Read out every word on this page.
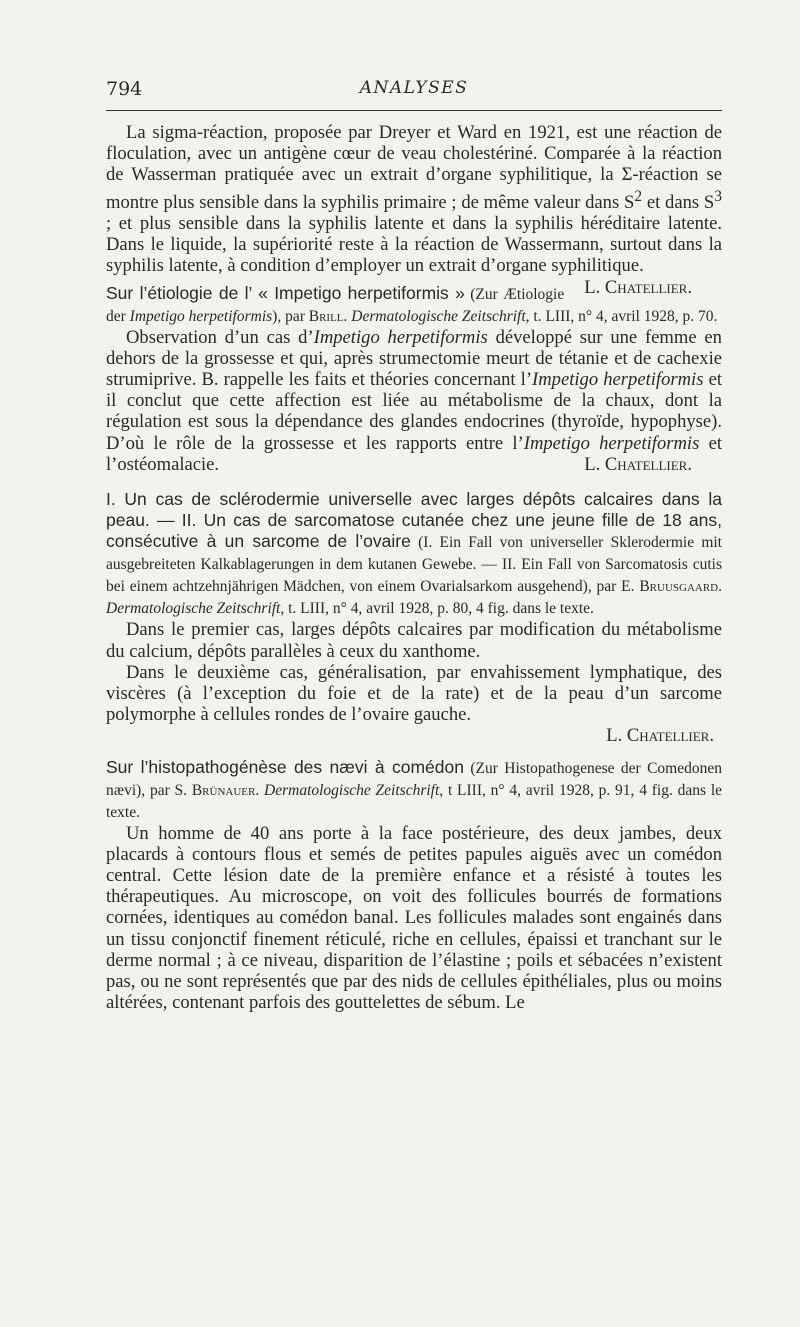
794	ANALYSES

La sigma-réaction, proposée par Dreyer et Ward en 1921, est une réaction de floculation, avec un antigène cœur de veau cholestériné. Comparée à la réaction de Wasserman pratiquée avec un extrait d’organe syphilitique, la Σ-réaction se montre plus sensible dans la syphilis primaire ; de même valeur dans $S^2$ et dans $S^3$ ; et plus sensible dans la syphilis latente et dans la syphilis héréditaire latente. Dans le liquide, la supériorité reste à la réaction de Wassermann, surtout dans la syphilis latente, à condition d’employer un extrait d’organe syphilitique.
L. Chatellier.

Sur l’étiologie de l’ « Impetigo herpetiformis » (Zur Ætiologie der Impetigo herpetiformis), par Brill. Dermatologische Zeitschrift, t. LIII, n° 4, avril 1928, p. 70.

Observation d’un cas d’Impetigo herpetiformis développé sur une femme en dehors de la grossesse et qui, après strumectomie meurt de tétanie et de cachexie strumiprive. B. rappelle les faits et théories concernant l’Impetigo herpetiformis et il conclut que cette affection est liée au métabolisme de la chaux, dont la régulation est sous la dépendance des glandes endocrines (thyroïde, hypophyse). D’où le rôle de la grossesse et les rapports entre l’Impetigo herpetiformis et l’ostéomalacie.	L. Chatellier.

I. Un cas de sclérodermie universelle avec larges dépôts calcaires dans la peau. — II. Un cas de sarcomatose cutanée chez une jeune fille de 18 ans, consécutive à un sarcome de l’ovaire (I. Ein Fall von universeller Sklerodermie mit ausgebreiteten Kalkablagerungen in dem kutanen Gewebe. — II. Ein Fall von Sarcomatosis cutis bei einem achtzehnjährigen Mädchen, von einem Ovarialsarkom ausgehend), par E. Bruusgaard. Dermatologische Zeitschrift, t. LIII, n° 4, avril 1928, p. 80, 4 fig. dans le texte.

Dans le premier cas, larges dépôts calcaires par modification du métabolisme du calcium, dépôts parallèles à ceux du xanthome.

Dans le deuxième cas, généralisation, par envahissement lymphatique, des viscères (à l’exception du foie et de la rate) et de la peau d’un sarcome polymorphe à cellules rondes de l’ovaire gauche.

L. Chatellier.

Sur l’histopathogénèse des nævi à comédon (Zur Histopathogenese der Comedonen nævi), par S. Brünauer. Dermatologische Zeitschrift, t LIII, n° 4, avril 1928, p. 91, 4 fig. dans le texte.

Un homme de 40 ans porte à la face postérieure, des deux jambes, deux placards à contours flous et semés de petites papules aiguës avec un comédon central. Cette lésion date de la première enfance et a résisté à toutes les thérapeutiques. Au microscope, on voit des follicules bourrés de formations cornées, identiques au comédon banal. Les follicules malades sont engainés dans un tissu conjonctif finement réticulé, riche en cellules, épaissi et tranchant sur le derme normal ; à ce niveau, disparition de l’élastine ; poils et sébacées n’existent pas, ou ne sont représentés que par des nids de cellules épithéliales, plus ou moins altérées, contenant parfois des gouttelettes de sébum. Le
